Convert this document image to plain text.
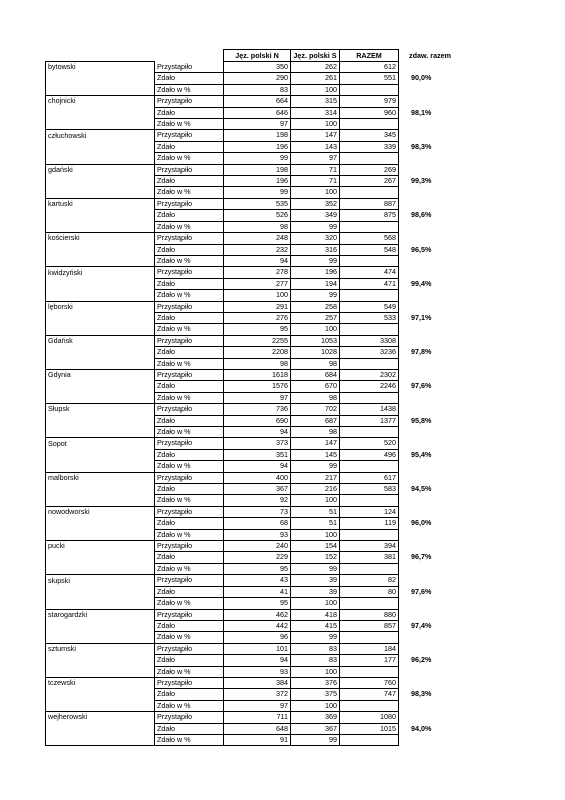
		Jęz. polski N	Jęz. polski S	RAZEM	zdaw. razem
bytowski	Przystąpiło	350	262	612	
	Zdało	290	261	551	90,0%
	Zdało w %	83	100		
chojnicki	Przystąpiło	664	315	979	
	Zdało	646	314	960	98,1%
	Zdało w %	97	100		
człuchowski	Przystąpiło	198	147	345	
	Zdało	196	143	339	98,3%
	Zdało w %	99	97		
gdański	Przystąpiło	198	71	269	
	Zdało	196	71	267	99,3%
	Zdało w %	99	100		
kartuski	Przystąpiło	535	352	887	
	Zdało	526	349	875	98,6%
	Zdało w %	98	99		
kościerski	Przystąpiło	248	320	568	
	Zdało	232	316	548	96,5%
	Zdało w %	94	99		
kwidzyński	Przystąpiło	278	196	474	
	Zdało	277	194	471	99,4%
	Zdało w %	100	99		
lęborski	Przystąpiło	291	258	549	
	Zdało	276	257	533	97,1%
	Zdało w %	95	100		
Gdańsk	Przystąpiło	2255	1053	3308	
	Zdało	2208	1028	3236	97,8%
	Zdało w %	98	98		
Gdynia	Przystąpiło	1618	684	2302	
	Zdało	1576	670	2246	97,6%
	Zdało w %	97	98		
Słupsk	Przystąpiło	736	702	1438	
	Zdało	690	687	1377	95,8%
	Zdało w %	94	98		
Sopot	Przystąpiło	373	147	520	
	Zdało	351	145	496	95,4%
	Zdało w %	94	99		
malborski	Przystąpiło	400	217	617	
	Zdało	367	216	583	94,5%
	Zdało w %	92	100		
nowodworski	Przystąpiło	73	51	124	
	Zdało	68	51	119	96,0%
	Zdało w %	93	100		
pucki	Przystąpiło	240	154	394	
	Zdało	229	152	381	96,7%
	Zdało w %	95	99		
słupski	Przystąpiło	43	39	82	
	Zdało	41	39	80	97,6%
	Zdało w %	95	100		
starogardzki	Przystąpiło	462	418	880	
	Zdało	442	415	857	97,4%
	Zdało w %	96	99		
sztumski	Przystąpiło	101	83	184	
	Zdało	94	83	177	96,2%
	Zdało w %	93	100		
tczewski	Przystąpiło	384	376	760	
	Zdało	372	375	747	98,3%
	Zdało w %	97	100		
wejherowski	Przystąpiło	711	369	1080	
	Zdało	648	367	1015	94,0%
	Zdało w %	91	99		
